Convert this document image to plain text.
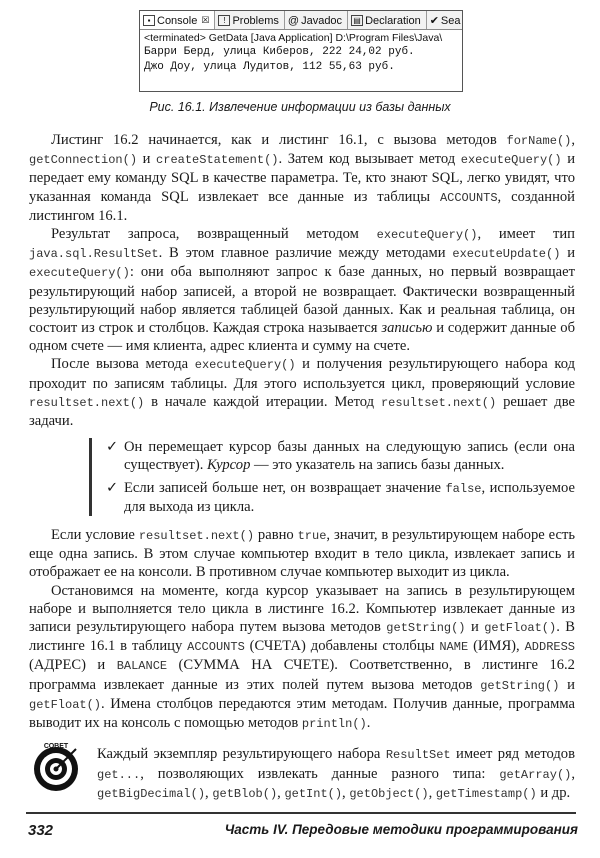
▪ Console ☒	! Problems @ Javadoc ▤ Declaration ✔ Sea
<terminated> GetData [Java Application] D:\Program Files\Java\
Барри Берд, улица Киберов, 222 24,02 руб.
Джо Доу, улица Лудитов, 112 55,63 руб.
Рис. 16.1. Извлечение информации из базы данных

Листинг 16.2 начинается, как и листинг 16.1, с вызова методов forName(), getConnection() и createStatement(). Затем код вызывает метод executeQuery() и передает ему команду SQL в качестве параметра. Те, кто знают SQL, легко увидят, что указанная команда SQL извлекает все данные из таблицы ACCOUNTS, созданной листингом 16.1.

Результат запроса, возвращенный методом executeQuery(), имеет тип java.sql.ResultSet. В этом главное различие между методами executeUpdate() и executeQuery(): они оба выполняют запрос к базе данных, но первый возвращает результирующий набор записей, а второй не возвращает. Фактически возвращенный результирующий набор является таблицей базой данных. Как и реальная таблица, он состоит из строк и столбцов. Каждая строка называется записью и содержит данные об одном счете — имя клиента, адрес клиента и сумму на счете.

После вызова метода executeQuery() и получения результирующего набора код проходит по записям таблицы. Для этого используется цикл, проверяющий условие resultset.next() в начале каждой итерации. Метод resultset.next() решает две задачи.

✓ Он перемещает курсор базы данных на следующую запись (если она существует). Курсор — это указатель на запись базы данных.
✓ Если записей больше нет, он возвращает значение false, используемое для выхода из цикла.

Если условие resultset.next() равно true, значит, в результирующем наборе есть еще одна запись. В этом случае компьютер входит в тело цикла, извлекает запись и отображает ее на консоли. В противном случае компьютер выходит из цикла.

Остановимся на моменте, когда курсор указывает на запись в результирующем наборе и выполняется тело цикла в листинге 16.2. Компьютер извлекает данные из записи результирующего набора путем вызова методов getString() и getFloat(). В листинге 16.1 в таблицу ACCOUNTS (СЧЕТА) добавлены столбцы NAME (ИМЯ), ADDRESS (АДРЕС) и BALANCE (СУММА НА СЧЕТЕ). Соответственно, в листинге 16.2 программа извлекает данные из этих полей путем вызова методов getString() и getFloat(). Имена столбцов передаются этим методам. Получив данные, программа выводит их на консоль с помощью методов println().

СОВЕТ Каждый экземпляр результирующего набора ResultSet имеет ряд методов get..., позволяющих извлекать данные разного типа: getArray(), getBigDecimal(), getBlob(), getInt(), getObject(), getTimestamp() и др.
332	Часть IV. Передовые методики программирования
